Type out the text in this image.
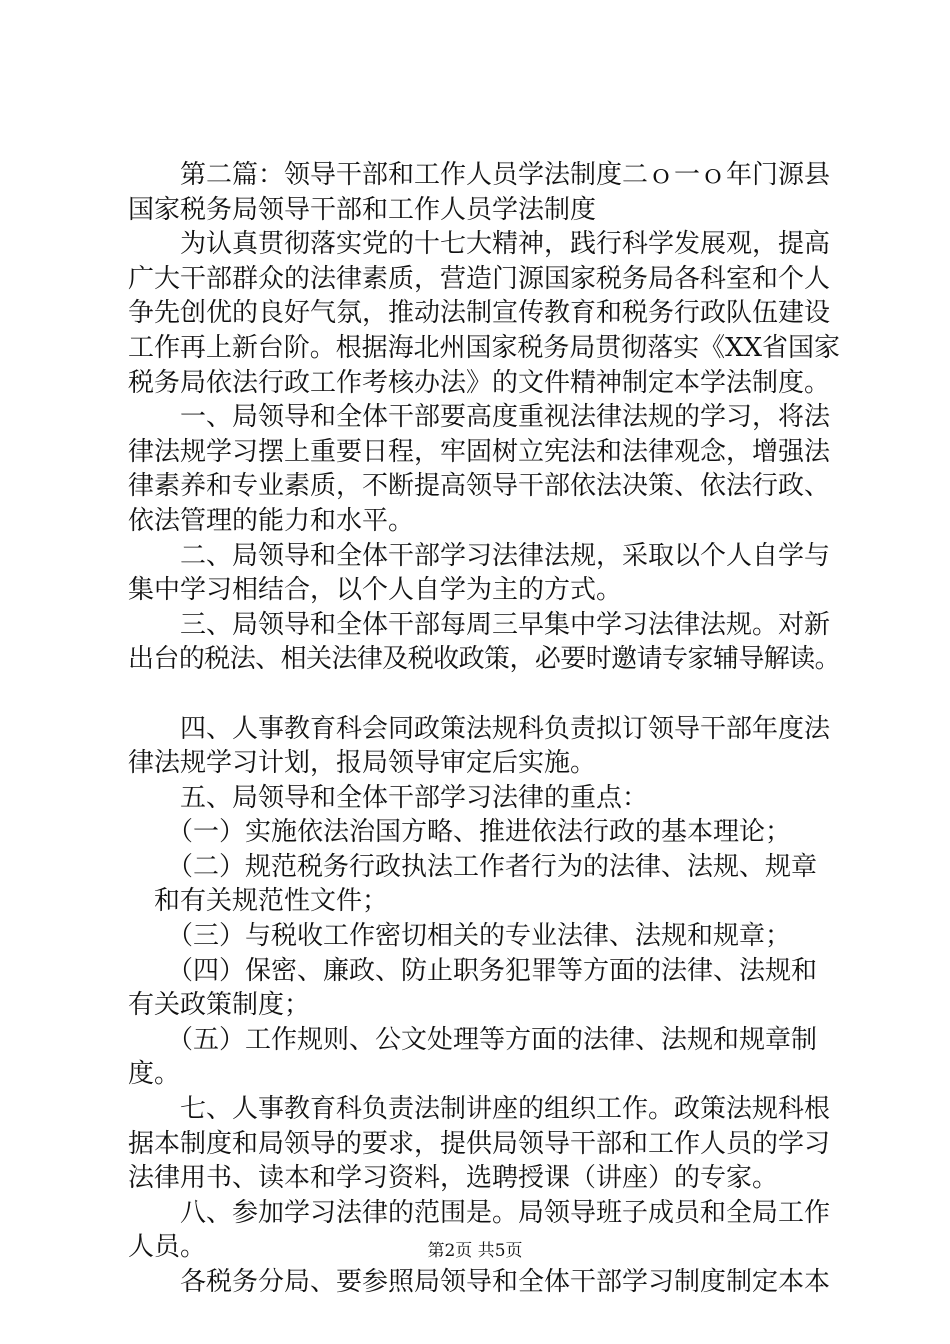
　　第二篇：领导干部和工作人员学法制度二ｏ一ｏ年门源县
国家税务局领导干部和工作人员学法制度
　　为认真贯彻落实党的十七大精神，践行科学发展观，提高
广大干部群众的法律素质，营造门源国家税务局各科室和个人
争先创优的良好气氛，推动法制宣传教育和税务行政队伍建设
工作再上新台阶。根据海北州国家税务局贯彻落实《XX省国家
税务局依法行政工作考核办法》的文件精神制定本学法制度。
　　一、局领导和全体干部要高度重视法律法规的学习，将法
律法规学习摆上重要日程，牢固树立宪法和法律观念，增强法
律素养和专业素质，不断提高领导干部依法决策、依法行政、
依法管理的能力和水平。
　　二、局领导和全体干部学习法律法规，采取以个人自学与
集中学习相结合，以个人自学为主的方式。
　　三、局领导和全体干部每周三早集中学习法律法规。对新
出台的税法、相关法律及税收政策，必要时邀请专家辅导解读。
　　四、人事教育科会同政策法规科负责拟订领导干部年度法
律法规学习计划，报局领导审定后实施。
　　五、局领导和全体干部学习法律的重点：
　　（一）实施依法治国方略、推进依法行政的基本理论；
　　（二）规范税务行政执法工作者行为的法律、法规、规章
　和有关规范性文件；
　　（三）与税收工作密切相关的专业法律、法规和规章；
　　（四）保密、廉政、防止职务犯罪等方面的法律、法规和
有关政策制度；
　　（五）工作规则、公文处理等方面的法律、法规和规章制
度。
　　七、人事教育科负责法制讲座的组织工作。政策法规科根
据本制度和局领导的要求，提供局领导干部和工作人员的学习
法律用书、读本和学习资料，选聘授课（讲座）的专家。
　　八、参加学习法律的范围是。局领导班子成员和全局工作
人员。
　　各税务分局、要参照局领导和全体干部学习制度制定本本
第2页 共5页
